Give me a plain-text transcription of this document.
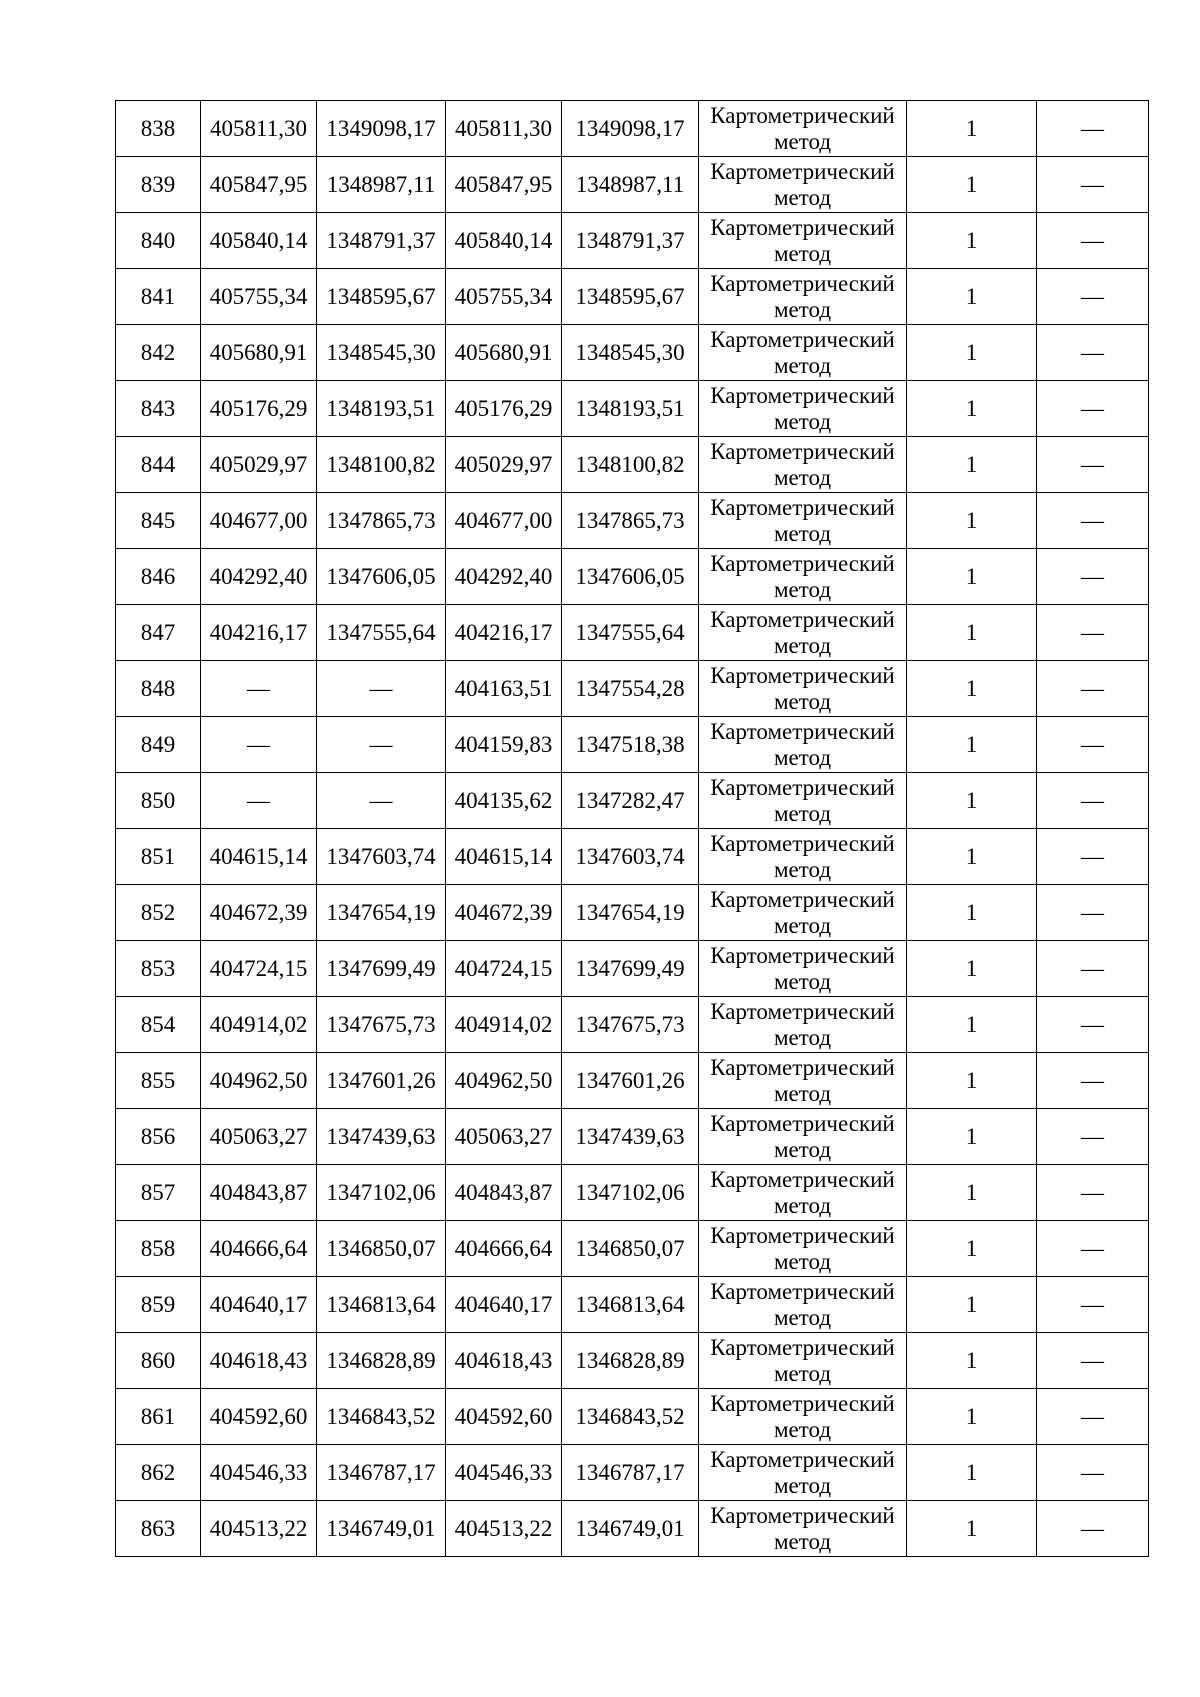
838	405811,30	1349098,17	405811,30	1349098,17	Картометрический
метод	1	—
839	405847,95	1348987,11	405847,95	1348987,11	Картометрический
метод	1	—
840	405840,14	1348791,37	405840,14	1348791,37	Картометрический
метод	1	—
841	405755,34	1348595,67	405755,34	1348595,67	Картометрический
метод	1	—
842	405680,91	1348545,30	405680,91	1348545,30	Картометрический
метод	1	—
843	405176,29	1348193,51	405176,29	1348193,51	Картометрический
метод	1	—
844	405029,97	1348100,82	405029,97	1348100,82	Картометрический
метод	1	—
845	404677,00	1347865,73	404677,00	1347865,73	Картометрический
метод	1	—
846	404292,40	1347606,05	404292,40	1347606,05	Картометрический
метод	1	—
847	404216,17	1347555,64	404216,17	1347555,64	Картометрический
метод	1	—
848	—	—	404163,51	1347554,28	Картометрический
метод	1	—
849	—	—	404159,83	1347518,38	Картометрический
метод	1	—
850	—	—	404135,62	1347282,47	Картометрический
метод	1	—
851	404615,14	1347603,74	404615,14	1347603,74	Картометрический
метод	1	—
852	404672,39	1347654,19	404672,39	1347654,19	Картометрический
метод	1	—
853	404724,15	1347699,49	404724,15	1347699,49	Картометрический
метод	1	—
854	404914,02	1347675,73	404914,02	1347675,73	Картометрический
метод	1	—
855	404962,50	1347601,26	404962,50	1347601,26	Картометрический
метод	1	—
856	405063,27	1347439,63	405063,27	1347439,63	Картометрический
метод	1	—
857	404843,87	1347102,06	404843,87	1347102,06	Картометрический
метод	1	—
858	404666,64	1346850,07	404666,64	1346850,07	Картометрический
метод	1	—
859	404640,17	1346813,64	404640,17	1346813,64	Картометрический
метод	1	—
860	404618,43	1346828,89	404618,43	1346828,89	Картометрический
метод	1	—
861	404592,60	1346843,52	404592,60	1346843,52	Картометрический
метод	1	—
862	404546,33	1346787,17	404546,33	1346787,17	Картометрический
метод	1	—
863	404513,22	1346749,01	404513,22	1346749,01	Картометрический
метод	1	—
